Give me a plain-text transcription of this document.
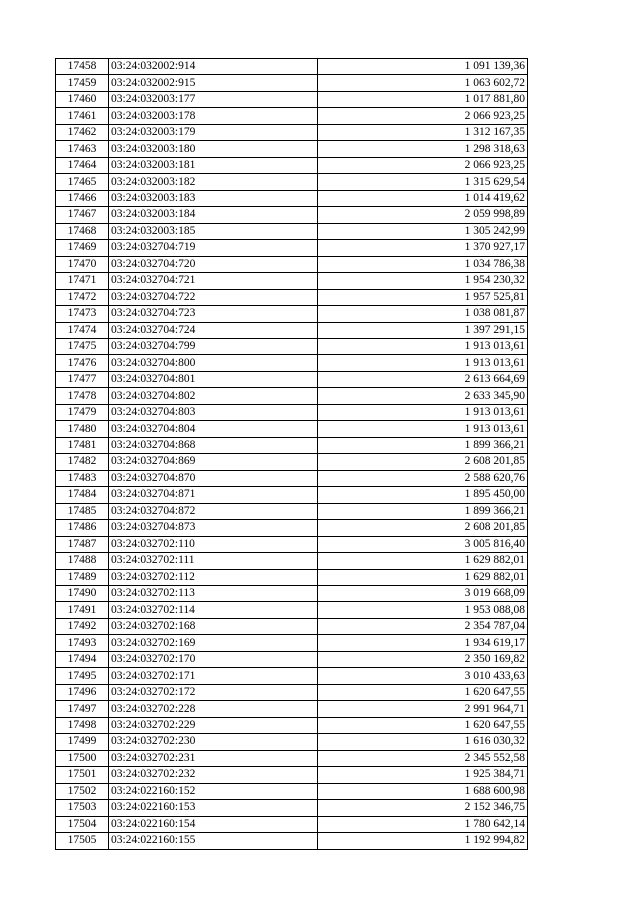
17458	03:24:032002:914	1 091 139,36
17459	03:24:032002:915	1 063 602,72
17460	03:24:032003:177	1 017 881,80
17461	03:24:032003:178	2 066 923,25
17462	03:24:032003:179	1 312 167,35
17463	03:24:032003:180	1 298 318,63
17464	03:24:032003:181	2 066 923,25
17465	03:24:032003:182	1 315 629,54
17466	03:24:032003:183	1 014 419,62
17467	03:24:032003:184	2 059 998,89
17468	03:24:032003:185	1 305 242,99
17469	03:24:032704:719	1 370 927,17
17470	03:24:032704:720	1 034 786,38
17471	03:24:032704:721	1 954 230,32
17472	03:24:032704:722	1 957 525,81
17473	03:24:032704:723	1 038 081,87
17474	03:24:032704:724	1 397 291,15
17475	03:24:032704:799	1 913 013,61
17476	03:24:032704:800	1 913 013,61
17477	03:24:032704:801	2 613 664,69
17478	03:24:032704:802	2 633 345,90
17479	03:24:032704:803	1 913 013,61
17480	03:24:032704:804	1 913 013,61
17481	03:24:032704:868	1 899 366,21
17482	03:24:032704:869	2 608 201,85
17483	03:24:032704:870	2 588 620,76
17484	03:24:032704:871	1 895 450,00
17485	03:24:032704:872	1 899 366,21
17486	03:24:032704:873	2 608 201,85
17487	03:24:032702:110	3 005 816,40
17488	03:24:032702:111	1 629 882,01
17489	03:24:032702:112	1 629 882,01
17490	03:24:032702:113	3 019 668,09
17491	03:24:032702:114	1 953 088,08
17492	03:24:032702:168	2 354 787,04
17493	03:24:032702:169	1 934 619,17
17494	03:24:032702:170	2 350 169,82
17495	03:24:032702:171	3 010 433,63
17496	03:24:032702:172	1 620 647,55
17497	03:24:032702:228	2 991 964,71
17498	03:24:032702:229	1 620 647,55
17499	03:24:032702:230	1 616 030,32
17500	03:24:032702:231	2 345 552,58
17501	03:24:032702:232	1 925 384,71
17502	03:24:022160:152	1 688 600,98
17503	03:24:022160:153	2 152 346,75
17504	03:24:022160:154	1 780 642,14
17505	03:24:022160:155	1 192 994,82
